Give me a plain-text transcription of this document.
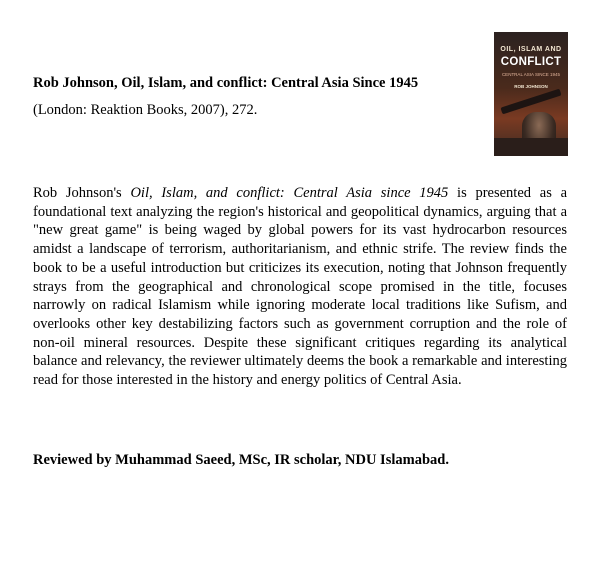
Rob Johnson, Oil, Islam, and conflict: Central Asia Since 1945

(London: Reaktion Books, 2007), 272.

OIL, ISLAM AND
CONFLICT
CENTRAL ASIA SINCE 1945
ROB JOHNSON

Rob Johnson's Oil, Islam, and conflict: Central Asia since 1945 is presented as a foundational text analyzing the region's historical and geopolitical dynamics, arguing that a "new great game" is being waged by global powers for its vast hydrocarbon resources amidst a landscape of terrorism, authoritarianism, and ethnic strife. The review finds the book to be a useful introduction but criticizes its execution, noting that Johnson frequently strays from the geographical and chronological scope promised in the title, focuses narrowly on radical Islamism while ignoring moderate local traditions like Sufism, and overlooks other key destabilizing factors such as government corruption and the role of non-oil mineral resources. Despite these significant critiques regarding its analytical balance and relevancy, the reviewer ultimately deems the book a remarkable and interesting read for those interested in the history and energy politics of Central Asia.

Reviewed by Muhammad Saeed, MSc, IR scholar, NDU Islamabad.
